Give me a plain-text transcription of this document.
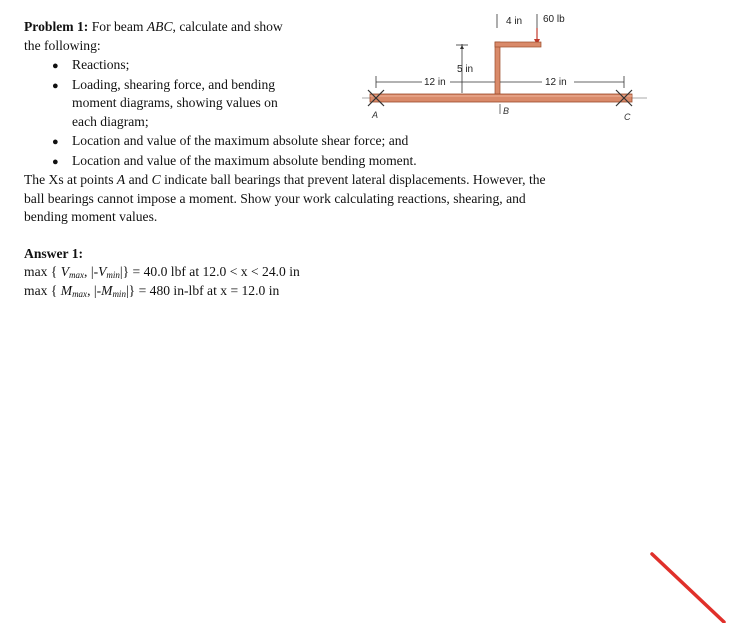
Problem 1: For beam ABC, calculate and show
the following:
● Reactions;
● Loading, shearing force, and bending
moment diagrams, showing values on
each diagram;
● Location and value of the maximum absolute shear force; and
● Location and value of the maximum absolute bending moment.
The Xs at points A and C indicate ball bearings that prevent lateral displacements. However, the
ball bearings cannot impose a moment. Show your work calculating reactions, shearing, and
bending moment values.
Answer 1:
max { $V_{max}$, $|-V_{min}|\} = 40.0$ lbf at 12.0 < x < 24.0 in
max { $M_{max}$, $|-M_{min}|\} = 480$ in-lbf at x = 12.0 in
4 in 60 lb
5 in
12 in	12 in
A	B
C
